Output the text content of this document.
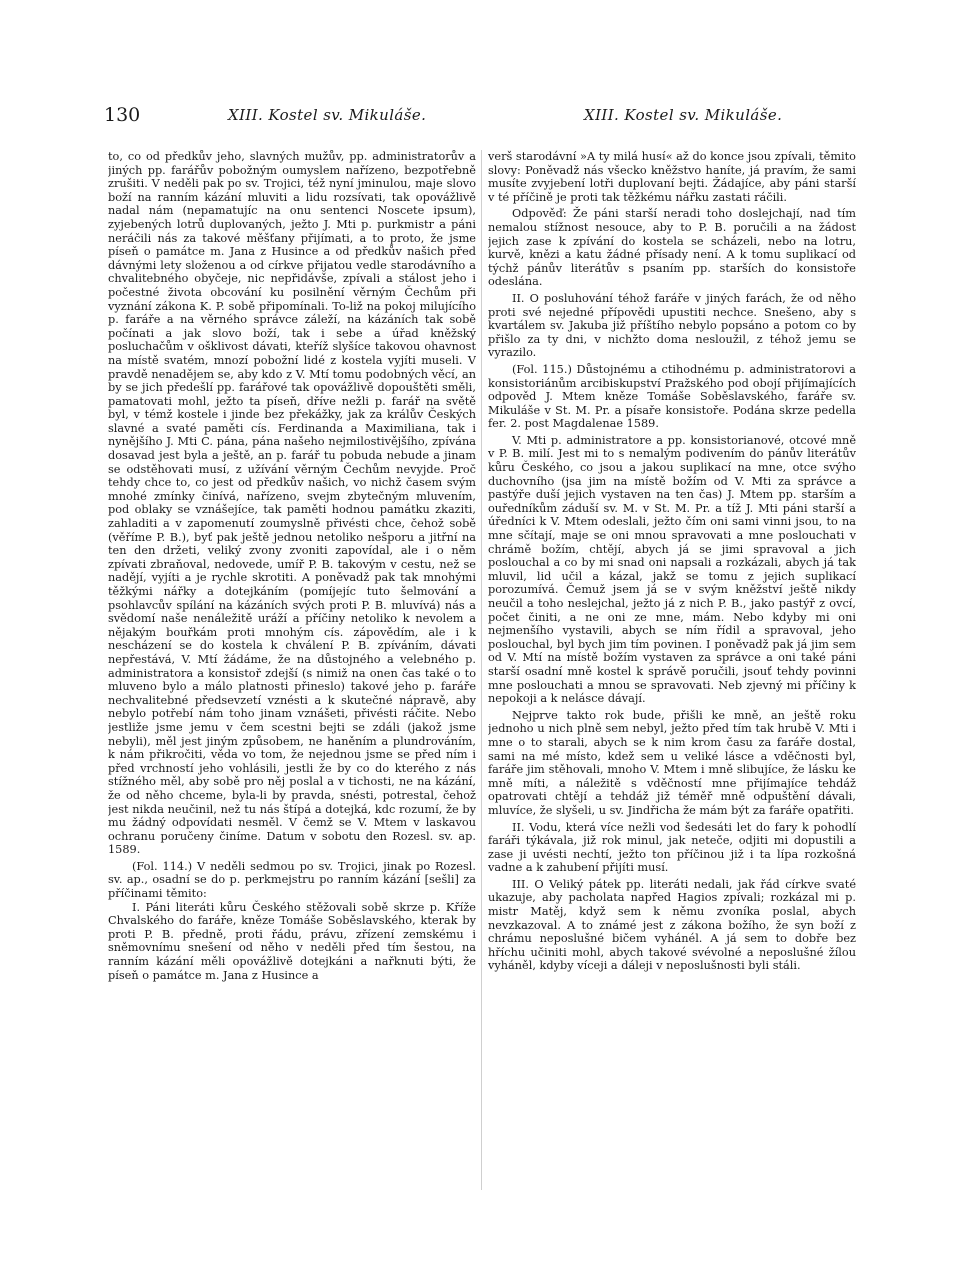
130	XIII. Kostel sv. Mikuláše.	XIII. Kostel sv. Mikuláše.

to, co od předkův jeho, slavných mužův, pp. administratorův a jiných pp. farářův pobožným oumyslem nařízeno, bezpotřebně zrušiti. V neděli pak po sv. Trojici, též nyní jminulou, maje slovo boží na ranním kázání mluviti a lidu rozsívati, tak opovážlivě nadal nám (nepamatujíc na onu sentenci Noscete ipsum), zyjebených lotrů duplovaných, ježto J. Mti p. purkmistr a páni neráčili nás za takové měšťany přijímati, a to proto, že jsme píseň o památce m. Jana z Husince a od předkův našich před dávnými lety složenou a od církve přijatou vedle starodávního a chvalitebného obyčeje, nic nepřidávše, zpívali a stálost jeho i počestné života obcování ku posilnění věrným Čechům při vyznání zákona K. P. sobě připomínali. To-liž na pokoj milujícího p. faráře a na věrného správce záleží, na kázáních tak sobě počínati a jak slovo boží, tak i sebe a úřad kněžský posluchačům v ošklivost dávati, kteříž slyšíce takovou ohavnost na místě svatém, mnozí pobožní lidé z kostela vyjíti museli. V pravdě nenadějem se, aby kdo z V. Mtí tomu podobných věcí, an by se jich předešlí pp. farářové tak opovážlivě dopouštěti směli, pamatovati mohl, ježto ta píseň, dříve nežli p. farář na světě byl, v témž kostele i jinde bez překážky, jak za králův Českých slavné a svaté paměti cís. Ferdinanda a Maximiliana, tak i nynějšího J. Mti C. pána, pána našeho nejmilostivějšího, zpívána dosavad jest byla a ještě, an p. farář tu pobuda nebude a jinam se odstěhovati musí, z užívání věrným Čechům nevyjde. Proč tehdy chce to, co jest od předkův našich, vo nichž časem svým mnohé zmínky činívá, nařízeno, svejm zbytečným mluvením, pod oblaky se vznášejíce, tak paměti hodnou památku zkaziti, zahladiti a v zapomenutí zoumyslně přivésti chce, čehož sobě (věříme P. B.), byť pak ještě jednou netoliko nešporu a jitřní na ten den držeti, veliký zvony zvoniti zapovídal, ale i o něm zpívati zbraňoval, nedovede, umíř P. B. takovým v cestu, než se nadějí, vyjíti a je rychle skrotiti. A poněvadž pak tak mnohými těžkými nářky a dotejkáním (pomíjejíc tuto šelmování a psohlavcův spílání na kázáních svých proti P. B. mluvívá) nás a svědomí naše nenáležitě uráží a příčiny netoliko k nevolem a nějakým bouřkám proti mnohým cís. zápovědím, ale i k nescházení se do kostela k chválení P. B. zpíváním, dávati nepřestává, V. Mtí žádáme, že na důstojného a velebného p. administratora a konsistoř zdejší (s nimiž na onen čas také o to mluveno bylo a málo platnosti přineslo) takové jeho p. faráře nechvalitebné předsevzetí vznésti a k skutečné nápravě, aby nebylo potřebí nám toho jinam vznášeti, přivésti ráčite. Nebo jestliže jsme jemu v čem scestni bejti se zdáli (jakož jsme nebyli), měl jest jiným způsobem, ne haněním a plundrováním, k nám přikročiti, věda vo tom, že nejednou jsme se před ním i před vrchností jeho vohlásili, jestli že by co do kterého z nás stížného měl, aby sobě pro něj poslal a v tichosti, ne na kázání, že od něho chceme, byla-li by pravda, snésti, potrestal, čehož jest nikda neučinil, než tu nás štípá a dotejká, kdc rozumí, že by mu žádný odpovídati nesměl. V čemž se V. Mtem v laskavou ochranu poručeny činíme. Datum v sobotu den Rozesl. sv. ap. 1589.

(Fol. 114.) V neděli sedmou po sv. Trojici, jinak po Rozesl. sv. ap., osadní se do p. perkmejstru po ranním kázání [sešli] za příčinami těmito:

I. Páni literáti kůru Českého stěžovali sobě skrze p. Kříže Chvalského do faráře, kněze Tomáše Soběslavského, kterak by proti P. B. předně, proti řádu, právu, zřízení zemskému i sněmovnímu snešení od něho v neděli před tím šestou, na ranním kázání měli opovážlivě dotejkáni a nařknuti býti, že píseň o památce m. Jana z Husince a

verš starodávní »A ty milá husí« až do konce jsou zpívali, těmito slovy: Poněvadž nás všecko kněžstvo haníte, já pravím, že sami musíte zvyjebení lotři duplovaní bejti. Žádajíce, aby páni starší v té příčině je proti tak těžkému nářku zastati ráčili.

Odpověď: Že páni starší neradi toho doslejchají, nad tím nemalou stížnost nesouce, aby to P. B. poručili a na žádost jejich zase k zpívání do kostela se scházeli, nebo na lotru, kurvě, knězi a katu žádné přísady není. A k tomu suplikací od týchž pánův literátův s psaním pp. starších do konsistoře odeslána.

II. O posluhování téhož faráře v jiných farách, že od něho proti své nejedné přípovědi upustiti nechce. Snešeno, aby s kvartálem sv. Jakuba již příštího nebylo popsáno a potom co by přišlo za ty dni, v nichžto doma nesloužil, z téhož jemu se vyrazilo.

(Fol. 115.) Důstojnému a ctihodnému p. administratorovi a konsistoriánům arcibiskupství Pražského pod obojí přijímajících odpověd J. Mtem kněze Tomáše Soběslavského, faráře sv. Mikuláše v St. M. Pr. a písaře konsistoře. Podána skrze pedella fer. 2. post Magdalenae 1589.

V. Mti p. administratore a pp. konsistorianové, otcové mně v P. B. milí. Jest mi to s nemalým podivením do pánův literátův kůru Českého, co jsou a jakou suplikací na mne, otce svýho duchovního (jsa jim na místě božím od V. Mti za správce a pastýře duší jejich vystaven na ten čas) J. Mtem pp. starším a ouředníkům záduší sv. M. v St. M. Pr. a tíž J. Mti páni starší a úředníci k V. Mtem odeslali, ježto čím oni sami vinni jsou, to na mne sčítají, maje se oni mnou spravovati a mne poslouchati v chrámě božím, chtějí, abych já se jimi spravoval a jich poslouchal a co by mi snad oni napsali a rozkázali, abych já tak mluvil, lid učil a kázal, jakž se tomu z jejich suplikací porozumívá. Čemuž jsem já se v svým kněžství ještě nikdy neučil a toho neslejchal, ježto já z nich P. B., jako pastýř z ovcí, počet činiti, a ne oni ze mne, mám. Nebo kdyby mi oni nejmenšího vystavili, abych se ním řídil a spravoval, jeho poslouchal, byl bych jim tím povinen. I poněvadž pak já jim sem od V. Mtí na místě božím vystaven za správce a oni také páni starší osadní mně kostel k správě poručili, jsouť tehdy povinni mne poslouchati a mnou se spravovati. Neb zjevný mi příčiny k nepokoji a k nelásce dávají.

Nejprve takto rok bude, přišli ke mně, an ještě roku jednoho u nich plně sem nebyl, ježto před tím tak hrubě V. Mti i mne o to starali, abych se k nim krom času za faráře dostal, sami na mé místo, kdež sem u veliké lásce a vděčnosti byl, faráře jim stěhovali, mnoho V. Mtem i mně slibujíce, že lásku ke mně míti, a náležitě s vděčností mne přijímajíce tehdáž opatrovati chtějí a tehdáž již téměř mně odpuštění dávali, mluvíce, že slyšeli, u sv. Jindřicha že mám být za faráře opatřiti.

II. Vodu, která více nežli vod šedesáti let do fary k pohodlí faráři týkávala, již rok minul, jak neteče, odjiti mi dopustili a zase ji uvésti nechtí, ježto ton příčinou již i ta lípa rozkošná vadne a k zahubení přijíti musí.

III. O Veliký pátek pp. literáti nedali, jak řád církve svaté ukazuje, aby pacholata napřed Hagios zpívali; rozkázal mi p. mistr Matěj, když sem k němu zvoníka poslal, abych nevzkazoval. A to známé jest z zákona božího, že syn boží z chrámu neposlušné bičem vyhánél. A já sem to dobře bez hříchu učiniti mohl, abych takové svévolné a neposlušné žílou vyháněl, kdyby víceji a dáleji v neposlušnosti byli stáli.
